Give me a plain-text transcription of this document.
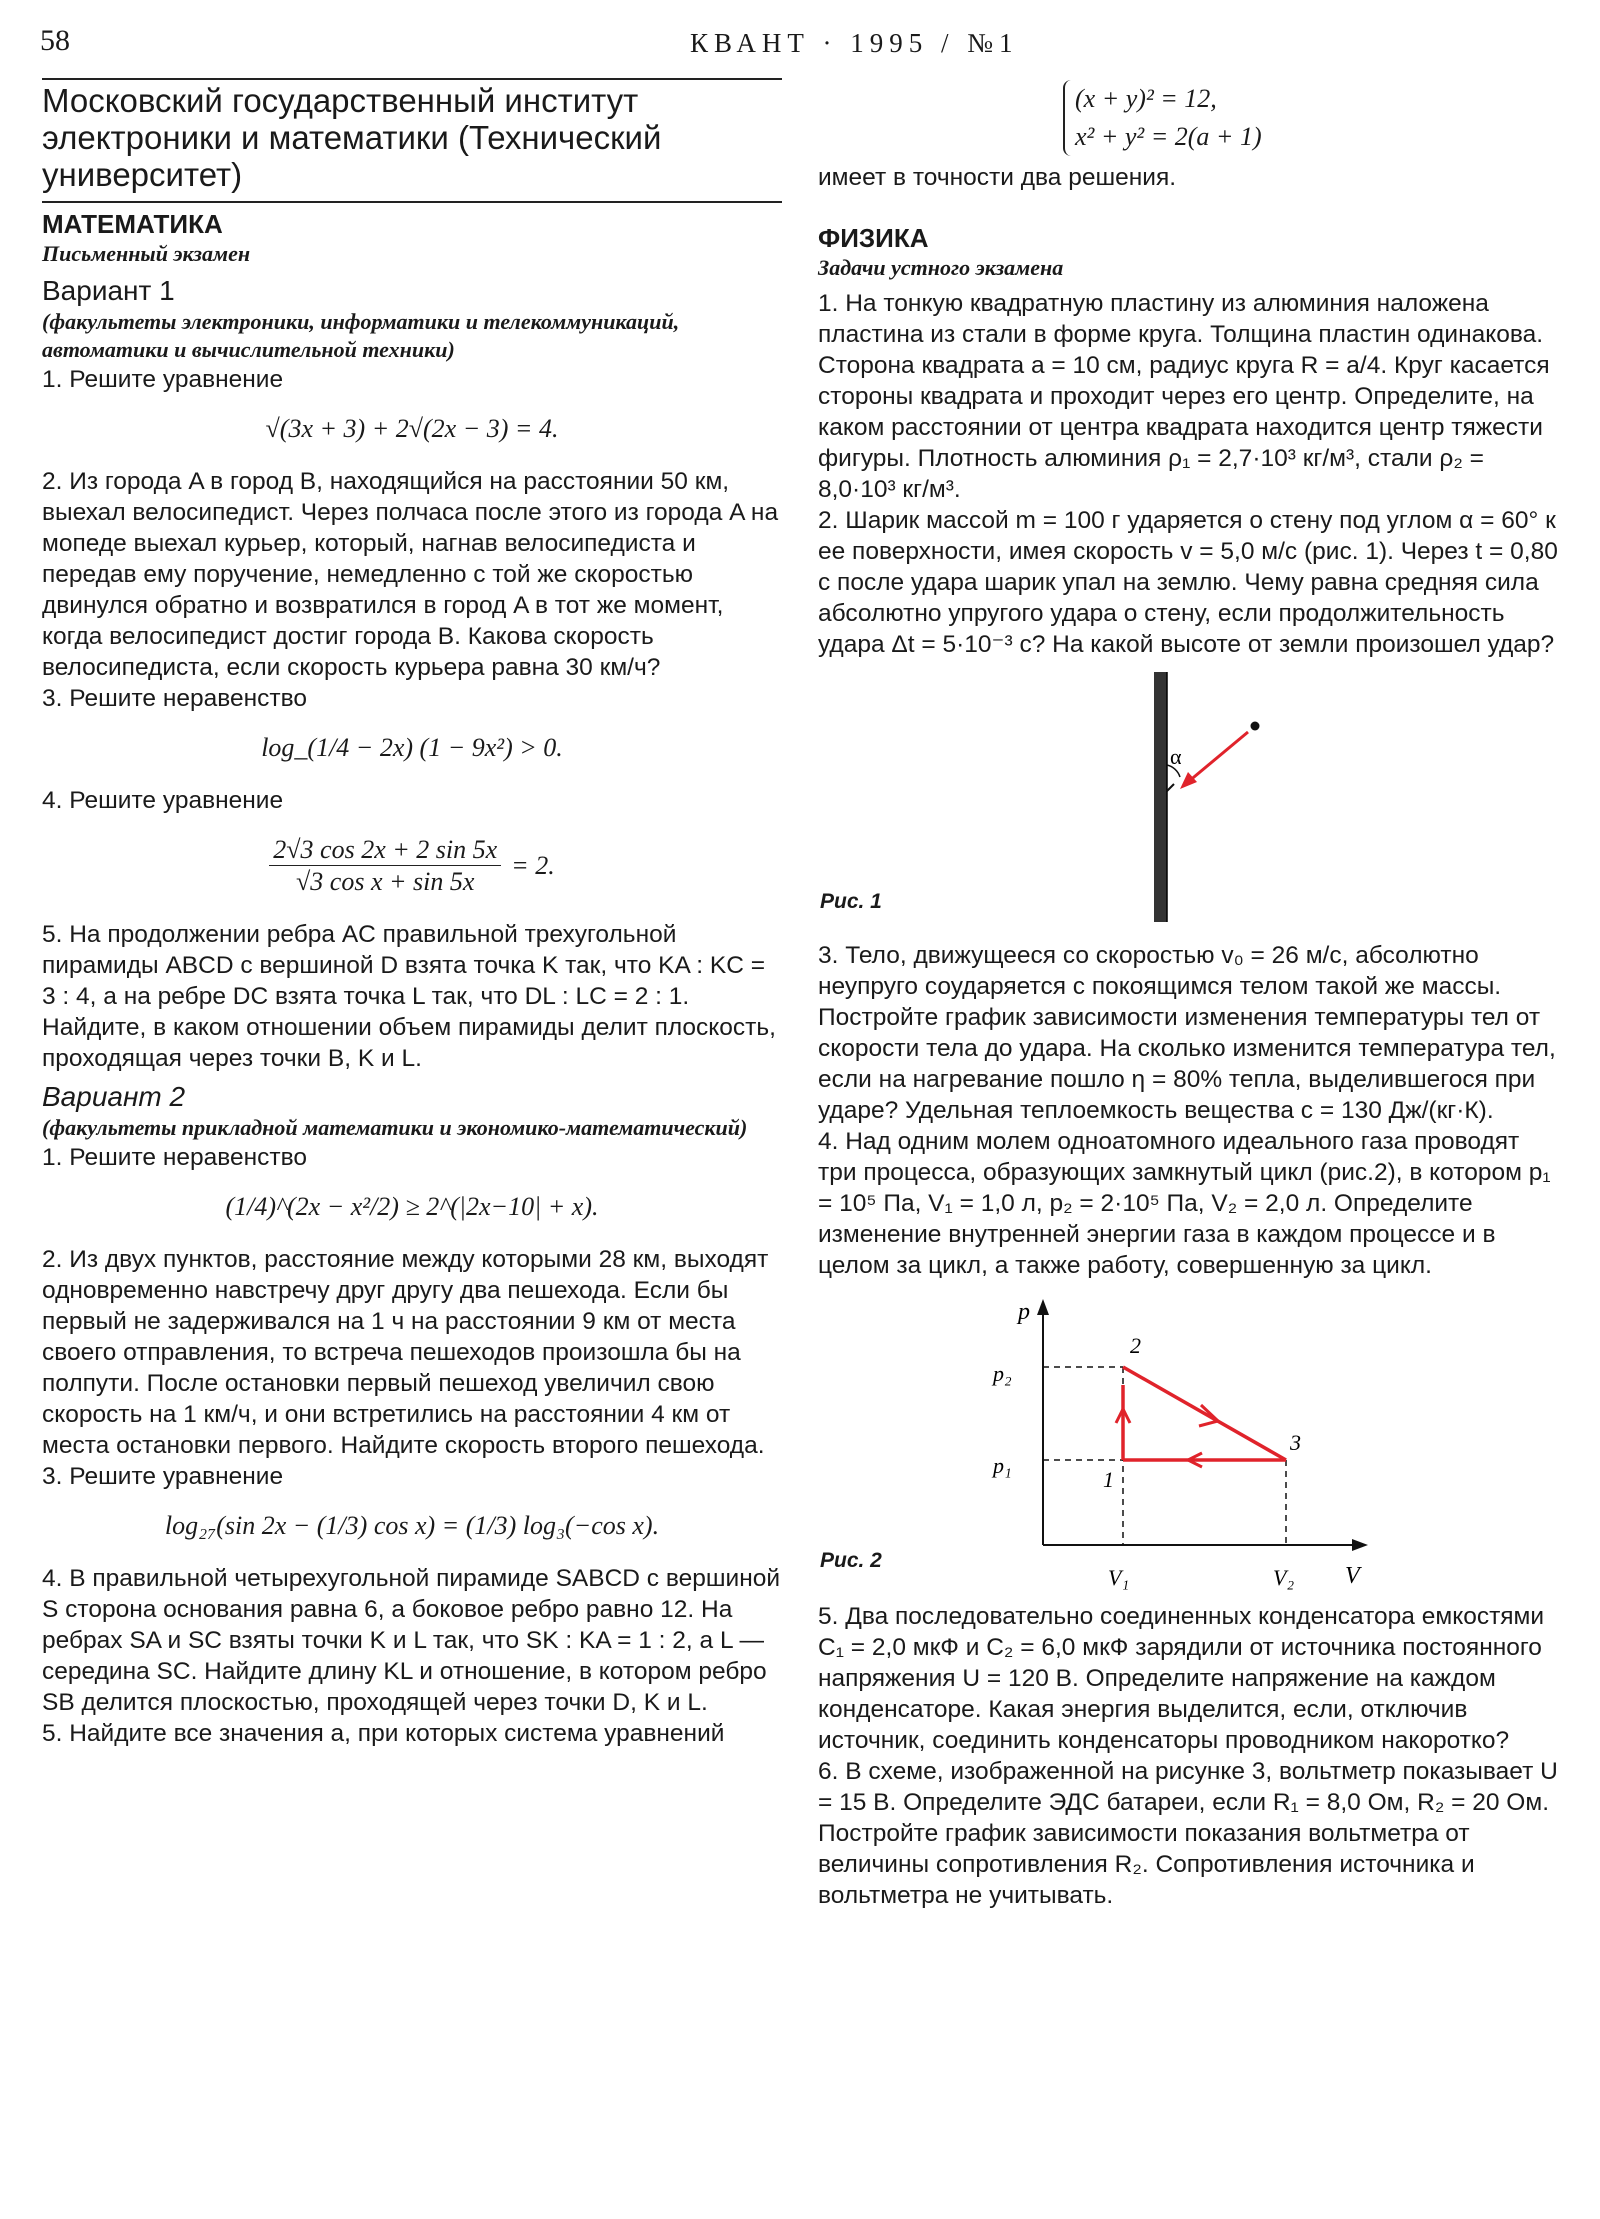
58	КВАНТ · 1995 / №1
Московский государственный институт электроники и математики (Технический университет)
МАТЕМАТИКА
Письменный экзамен
Вариант 1
(факультеты электроники, информатики и телекоммуникаций, автоматики и вычислительной техники)

1. Решите уравнение

√(3x + 3) + 2√(2x − 3) = 4.

2. Из города A в город B, находящийся на расстоянии 50 км, выехал велосипедист. Через полчаса после этого из города A на мопеде выехал курьер, который, нагнав велосипедиста и передав ему поручение, немедленно с той же скоростью двинулся обратно и возвратился в город A в тот же момент, когда велосипедист достиг города B. Какова скорость велосипедиста, если скорость курьера равна 30 км/ч?

3. Решите неравенство

log_(1/4 − 2x) (1 − 9x²) > 0.

4. Решите уравнение

$\frac{2√3 \cos 2x + 2 \sin 5x}{\text{√3 cos x + sin 5x}} = 2$.

5. На продолжении ребра AC правильной трехугольной пирамиды ABCD с вершиной D взята точка K так, что KA : KC = 3 : 4, а на ребре DC взята точка L так, что DL : LC = 2 : 1. Найдите, в каком отношении объем пирамиды делит плоскость, проходящая через точки B, K и L.

Вариант 2
(факультеты прикладной математики и экономико-математический)

1. Решите неравенство

(1/4)^(2x − x²/2) ≥ 2^(|2x−10| + x).

2. Из двух пунктов, расстояние между которыми 28 км, выходят одновременно навстречу друг другу два пешехода. Если бы первый не задерживался на 1 ч на расстоянии 9 км от места своего отправления, то встреча пешеходов произошла бы на полпути. После остановки первый пешеход увеличил свою скорость на 1 км/ч, и они встретились на расстоянии 4 км от места остановки первого. Найдите скорость второго пешехода.

3. Решите уравнение

log₂₇(sin 2x − (1/3) cos x) = (1/3) log₃(−cos x).

4. В правильной четырехугольной пирамиде SABCD с вершиной S сторона основания равна 6, а боковое ребро равно 12. На ребрах SA и SC взяты точки K и L так, что SK : KA = 1 : 2, а L — середина SC. Найдите длину KL и отношение, в котором ребро SB делится плоскостью, проходящей через точки D, K и L.

5. Найдите все значения a, при которых система уравнений

(x + y)² = 12,
x² + y² = 2(a + 1)

имеет в точности два решения.

ФИЗИКА
Задачи устного экзамена

1. На тонкую квадратную пластину из алюминия наложена пластина из стали в форме круга. Толщина пластин одинакова. Сторона квадрата a = 10 см, радиус круга R = a/4. Круг касается стороны квадрата и проходит через его центр. Определите, на каком расстоянии от центра квадрата находится центр тяжести фигуры. Плотность алюминия ρ₁ = 2,7·10³ кг/м³, стали ρ₂ = 8,0·10³ кг/м³.

2. Шарик массой m = 100 г ударяется о стену под углом α = 60° к ее поверхности, имея скорость v = 5,0 м/с (рис. 1). Через t = 0,80 с после удара шарик упал на землю. Чему равна средняя сила абсолютно упругого удара о стену, если продолжительность удара Δt = 5·10⁻³ с? На какой высоте от земли произошел удар?

α
Рис. 1

3. Тело, движущееся со скоростью v₀ = 26 м/с, абсолютно неупруго соударяется с покоящимся телом такой же массы. Постройте график зависимости изменения температуры тел от скорости тела до удара. На сколько изменится температура тел, если на нагревание пошло η = 80% тепла, выделившегося при ударе? Удельная теплоемкость вещества c = 130 Дж/(кг·К).

4. Над одним молем одноатомного идеального газа проводят три процесса, образующих замкнутый цикл (рис.2), в котором p₁ = 10⁵ Па, V₁ = 1,0 л, p₂ = 2·10⁵ Па, V₂ = 2,0 л. Определите изменение внутренней энергии газа в каждом процессе и в целом за цикл, а также работу, совершенную за цикл.

p
V
p₂
p₁
V₁	V₂
2
1
3
Рис. 2

5. Два последовательно соединенных конденсатора емкостями C₁ = 2,0 мкФ и C₂ = 6,0 мкФ зарядили от источника постоянного напряжения U = 120 В. Определите напряжение на каждом конденсаторе. Какая энергия выделится, если, отключив источник, соединить конденсаторы проводником накоротко?

6. В схеме, изображенной на рисунке 3, вольтметр показывает U = 15 В. Определите ЭДС батареи, если R₁ = 8,0 Ом, R₂ = 20 Ом. Постройте график зависимости показания вольтметра от величины сопротивления R₂. Сопротивления источника и вольтметра не учитывать.
